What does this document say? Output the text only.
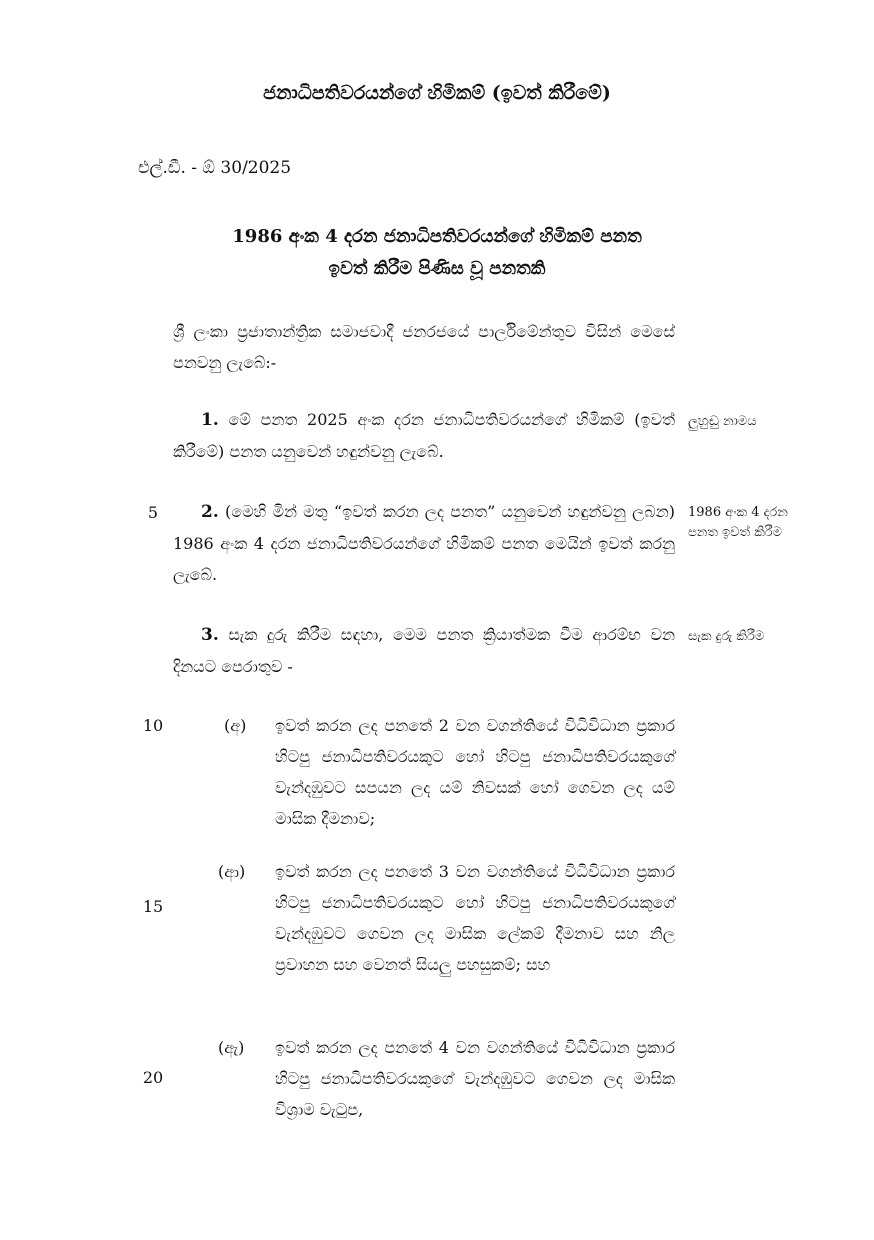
ජනාධිපතිවරයන්ගේ හිමිකම් (ඉවත් කිරීමේ)
එල්.ඩී. - ඕ 30/2025
1986 අංක 4 දරන ජනාධිපතිවරයන්ගේ හිමිකම් පනත
ඉවත් කිරීම පිණිස වූ පනතකි
ශ්‍රී ලංකා ප්‍රජාතාන්ත්‍රික සමාජවාදී ජනරජයේ පාර්ලිමේන්තුව විසින් මෙසේ පනවනු ලැබේ:-
1. මේ පනත 2025 අංක දරන ජනාධිපතිවරයන්ගේ හිමිකම් (ඉවත් කිරීමේ) පනත යනුවෙන් හඳුන්වනු ලැබේ.
ලුහුඬු නාමය
5	2. (මෙහි මින් මතු “ඉවත් කරන ලද පනත” යනුවෙන් හඳුන්වනු ලබන) 1986 අංක 4 දරන ජනාධිපතිවරයන්ගේ හිමිකම් පනත මෙයින් ඉවත් කරනු ලැබේ.
1986 අංක 4 දරන පනත ඉවත් කිරීම
3. සැක දුරු කිරීම සඳහා, මෙම පනත ක්‍රියාත්මක වීම ආරම්භ වන දිනයට පෙරාතුව -
සැක දුරු කිරීම
10	(අ) ඉවත් කරන ලද පනතේ 2 වන වගන්තියේ විධිවිධාන ප්‍රකාර හිටපු ජනාධිපතිවරයකුට හෝ හිටපු ජනාධිපතිවරයකුගේ වැන්දඹුවට සපයන ලද යම් නිවසක් හෝ ගෙවන ලද යම් මාසික දීමනාව;
(ආ) ඉවත් කරන ලද පනතේ 3 වන වගන්තියේ විධිවිධාන ප්‍රකාර හිටපු ජනාධිපතිවරයකුට හෝ හිටපු ජනාධිපතිවරයකුගේ වැන්දඹුවට ගෙවන ලද මාසික ලේකම් දීමනාව සහ නිල ප්‍රවාහන සහ වෙනත් සියලු පහසුකම්; සහ
15
(ඇ) ඉවත් කරන ලද පනතේ 4 වන වගන්තියේ විධිවිධාන ප්‍රකාර හිටපු ජනාධිපතිවරයකුගේ වැන්දඹුවට ගෙවන ලද මාසික විශ්‍රාම වැටුප,
20
